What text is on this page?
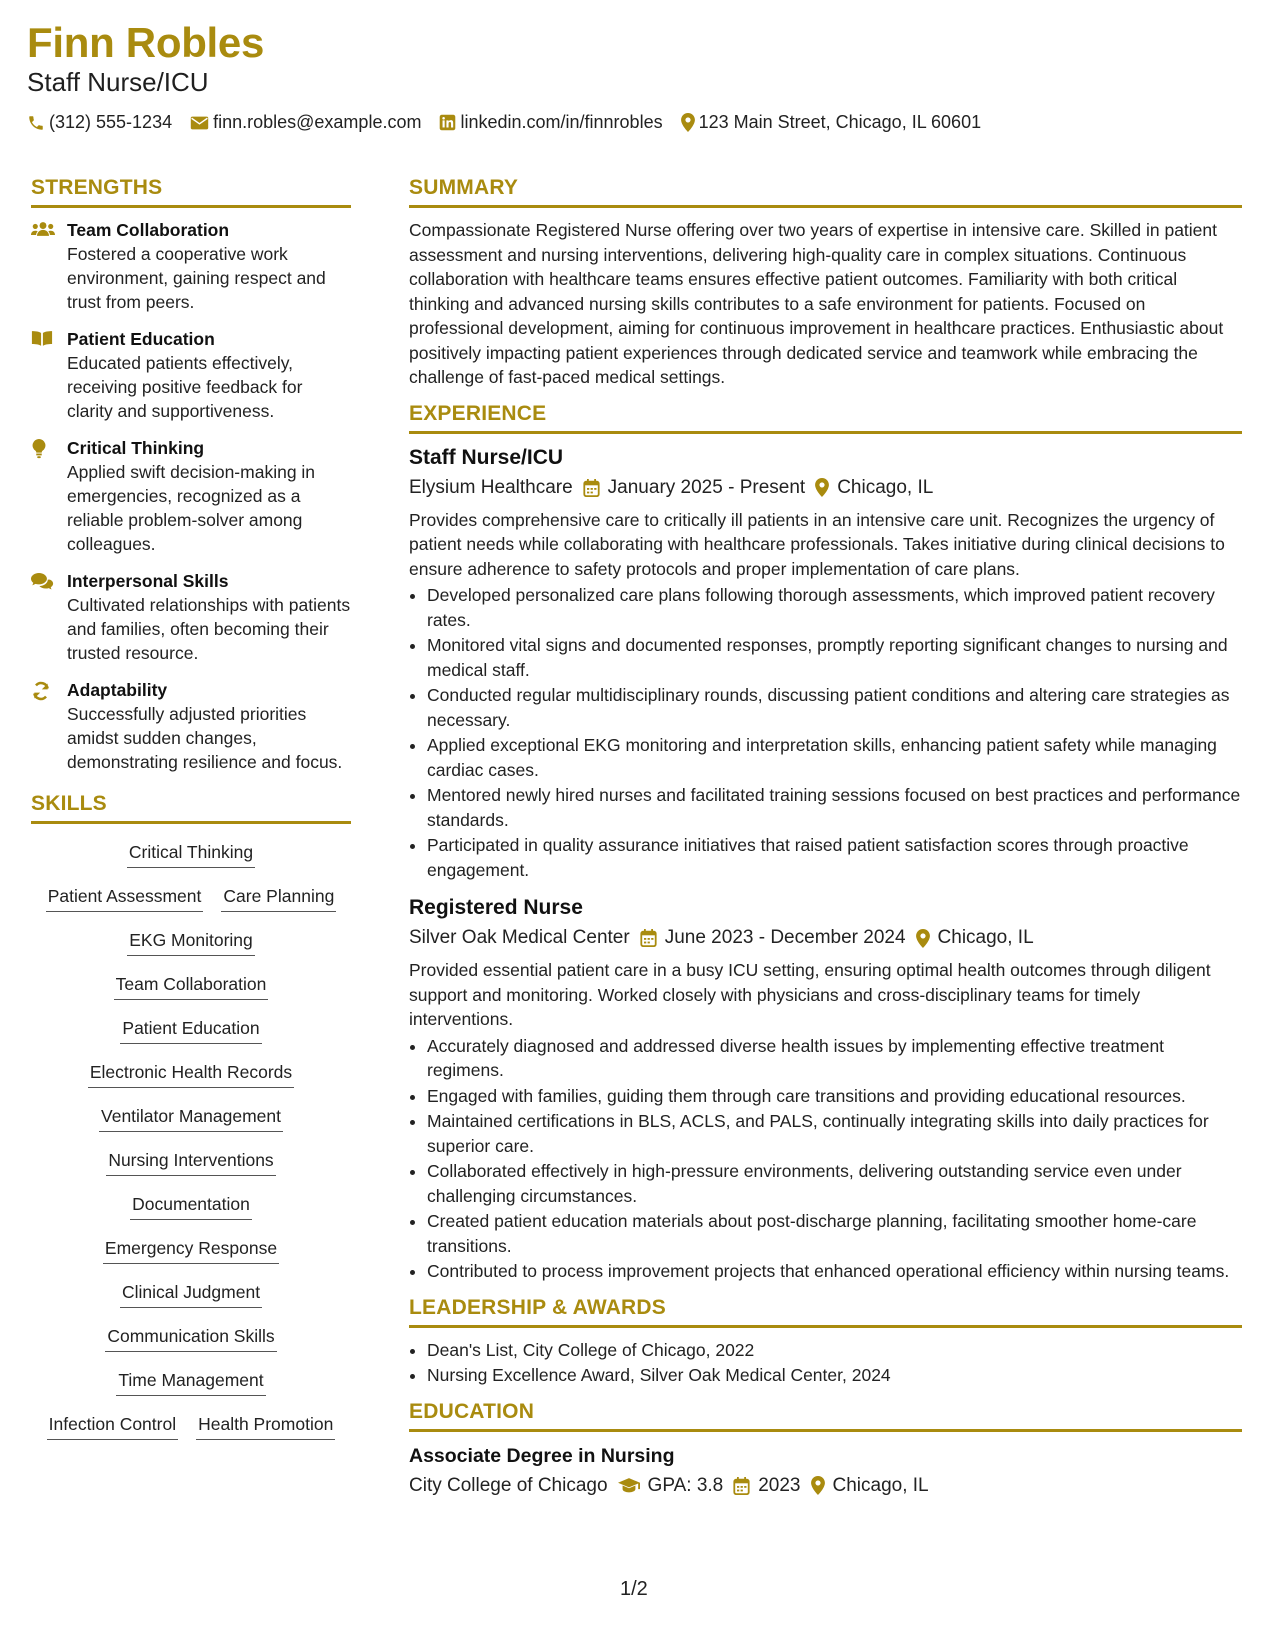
Finn Robles
Staff Nurse/ICU
(312) 555-1234 finn.robles@example.com linkedin.com/in/finnrobles 123 Main Street, Chicago, IL 60601
STRENGTHS
Team Collaboration
Fostered a cooperative work environment, gaining respect and trust from peers.
Patient Education
Educated patients effectively, receiving positive feedback for clarity and supportiveness.
Critical Thinking
Applied swift decision-making in emergencies, recognized as a reliable problem-solver among colleagues.
Interpersonal Skills
Cultivated relationships with patients and families, often becoming their trusted resource.
Adaptability
Successfully adjusted priorities amidst sudden changes, demonstrating resilience and focus.
SKILLS
Critical Thinking
Patient Assessment Care Planning
EKG Monitoring
Team Collaboration
Patient Education
Electronic Health Records
Ventilator Management
Nursing Interventions
Documentation
Emergency Response
Clinical Judgment
Communication Skills
Time Management
Infection Control Health Promotion
SUMMARY

Compassionate Registered Nurse offering over two years of expertise in intensive care. Skilled in patient assessment and nursing interventions, delivering high-quality care in complex situations. Continuous collaboration with healthcare teams ensures effective patient outcomes. Familiarity with both critical thinking and advanced nursing skills contributes to a safe environment for patients. Focused on professional development, aiming for continuous improvement in healthcare practices. Enthusiastic about positively impacting patient experiences through dedicated service and teamwork while embracing the challenge of fast-paced medical settings.

EXPERIENCE
Staff Nurse/ICU
Elysium Healthcare January 2025 - Present Chicago, IL

Provides comprehensive care to critically ill patients in an intensive care unit. Recognizes the urgency of patient needs while collaborating with healthcare professionals. Takes initiative during clinical decisions to ensure adherence to safety protocols and proper implementation of care plans.

• Developed personalized care plans following thorough assessments, which improved patient recovery rates.
• Monitored vital signs and documented responses, promptly reporting significant changes to nursing and medical staff.
• Conducted regular multidisciplinary rounds, discussing patient conditions and altering care strategies as necessary.
• Applied exceptional EKG monitoring and interpretation skills, enhancing patient safety while managing cardiac cases.
• Mentored newly hired nurses and facilitated training sessions focused on best practices and performance standards.
• Participated in quality assurance initiatives that raised patient satisfaction scores through proactive engagement.
Registered Nurse
Silver Oak Medical Center June 2023 - December 2024 Chicago, IL

Provided essential patient care in a busy ICU setting, ensuring optimal health outcomes through diligent support and monitoring. Worked closely with physicians and cross-disciplinary teams for timely interventions.

• Accurately diagnosed and addressed diverse health issues by implementing effective treatment regimens.
• Engaged with families, guiding them through care transitions and providing educational resources.
• Maintained certifications in BLS, ACLS, and PALS, continually integrating skills into daily practices for superior care.
• Collaborated effectively in high-pressure environments, delivering outstanding service even under challenging circumstances.
• Created patient education materials about post-discharge planning, facilitating smoother home-care transitions.
• Contributed to process improvement projects that enhanced operational efficiency within nursing teams.
LEADERSHIP & AWARDS
• Dean's List, City College of Chicago, 2022
• Nursing Excellence Award, Silver Oak Medical Center, 2024
EDUCATION
Associate Degree in Nursing
City College of Chicago GPA: 3.8 2023 Chicago, IL
1/2
